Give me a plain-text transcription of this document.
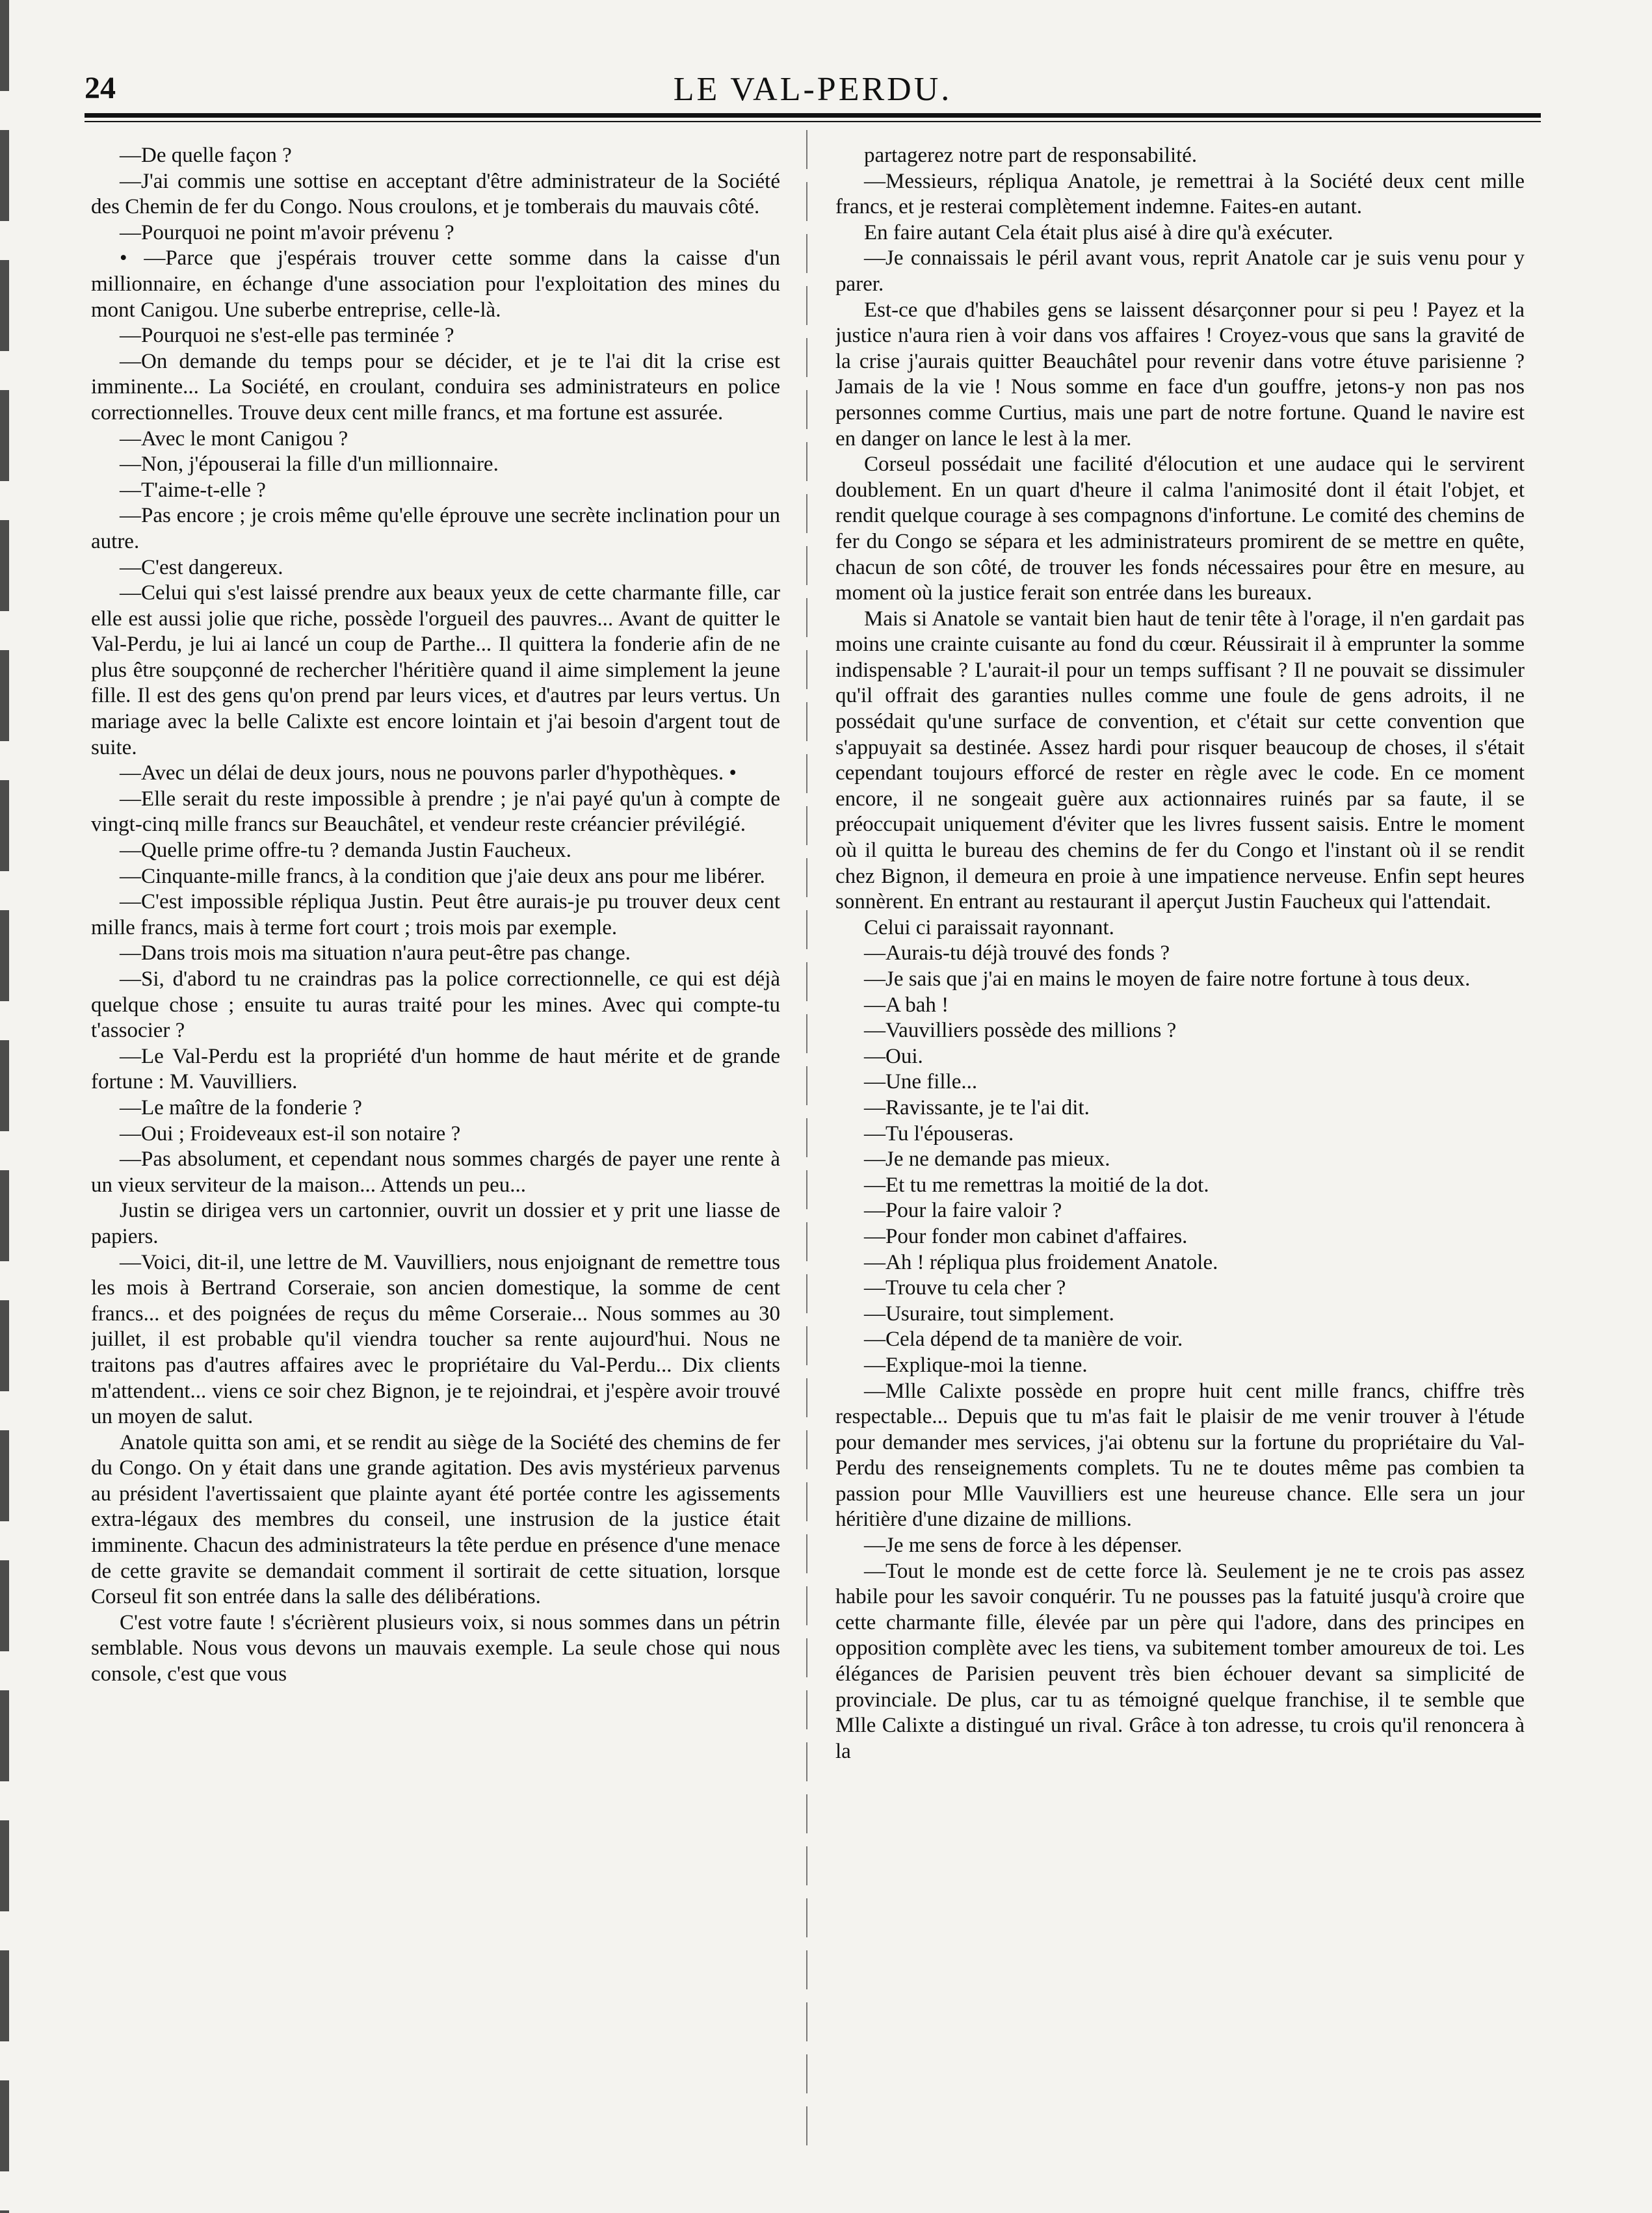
24	LE VAL-PERDU.

—De quelle façon ?

—J'ai commis une sottise en acceptant d'être administrateur de la Société des Chemin de fer du Congo. Nous croulons, et je tomberais du mauvais côté.

—Pourquoi ne point m'avoir prévenu ?

• —Parce que j'espérais trouver cette somme dans la caisse d'un millionnaire, en échange d'une association pour l'exploitation des mines du mont Canigou. Une suberbe entreprise, celle-là.

—Pourquoi ne s'est-elle pas terminée ?

—On demande du temps pour se décider, et je te l'ai dit la crise est imminente... La Société, en croulant, conduira ses administrateurs en police correctionnelles. Trouve deux cent mille francs, et ma fortune est assurée.

—Avec le mont Canigou ?

—Non, j'épouserai la fille d'un millionnaire.

—T'aime-t-elle ?

—Pas encore ; je crois même qu'elle éprouve une secrète inclination pour un autre.

—C'est dangereux.

—Celui qui s'est laissé prendre aux beaux yeux de cette charmante fille, car elle est aussi jolie que riche, possède l'orgueil des pauvres... Avant de quitter le Val-Perdu, je lui ai lancé un coup de Parthe... Il quittera la fonderie afin de ne plus être soupçonné de rechercher l'héritière quand il aime simplement la jeune fille. Il est des gens qu'on prend par leurs vices, et d'autres par leurs vertus. Un mariage avec la belle Calixte est encore lointain et j'ai besoin d'argent tout de suite.

—Avec un délai de deux jours, nous ne pouvons parler d'hypothèques. •

—Elle serait du reste impossible à prendre ; je n'ai payé qu'un à compte de vingt-cinq mille francs sur Beauchâtel, et vendeur reste créancier prévilégié.

—Quelle prime offre-tu ? demanda Justin Faucheux.

—Cinquante-mille francs, à la condition que j'aie deux ans pour me libérer.

—C'est impossible répliqua Justin. Peut être aurais-je pu trouver deux cent mille francs, mais à terme fort court ; trois mois par exemple.

—Dans trois mois ma situation n'aura peut-être pas change.

—Si, d'abord tu ne craindras pas la police correctionnelle, ce qui est déjà quelque chose ; ensuite tu auras traité pour les mines. Avec qui compte-tu t'associer ?

—Le Val-Perdu est la propriété d'un homme de haut mérite et de grande fortune : M. Vauvilliers.

—Le maître de la fonderie ?

—Oui ; Froideveaux est-il son notaire ?

—Pas absolument, et cependant nous sommes chargés de payer une rente à un vieux serviteur de la maison... Attends un peu...

Justin se dirigea vers un cartonnier, ouvrit un dossier et y prit une liasse de papiers.

—Voici, dit-il, une lettre de M. Vauvilliers, nous enjoignant de remettre tous les mois à Bertrand Corseraie, son ancien domestique, la somme de cent francs... et des poignées de reçus du même Corseraie... Nous sommes au 30 juillet, il est probable qu'il viendra toucher sa rente aujourd'hui. Nous ne traitons pas d'autres affaires avec le propriétaire du Val-Perdu... Dix clients m'attendent... viens ce soir chez Bignon, je te rejoindrai, et j'espère avoir trouvé un moyen de salut.

Anatole quitta son ami, et se rendit au siège de la Société des chemins de fer du Congo. On y était dans une grande agitation. Des avis mystérieux parvenus au président l'avertissaient que plainte ayant été portée contre les agissements extra-légaux des membres du conseil, une instrusion de la justice était imminente. Chacun des administrateurs la tête perdue en présence d'une menace de cette gravite se demandait comment il sortirait de cette situation, lorsque Corseul fit son entrée dans la salle des délibérations.

C'est votre faute ! s'écrièrent plusieurs voix, si nous sommes dans un pétrin semblable. Nous vous devons un mauvais exemple. La seule chose qui nous console, c'est que vous

partagerez notre part de responsabilité.

—Messieurs, répliqua Anatole, je remettrai à la Société deux cent mille francs, et je resterai complètement indemne. Faites-en autant.

En faire autant Cela était plus aisé à dire qu'à exécuter.

—Je connaissais le péril avant vous, reprit Anatole car je suis venu pour y parer.

Est-ce que d'habiles gens se laissent désarçonner pour si peu ! Payez et la justice n'aura rien à voir dans vos affaires ! Croyez-vous que sans la gravité de la crise j'aurais quitter Beauchâtel pour revenir dans votre étuve parisienne ? Jamais de la vie ! Nous somme en face d'un gouffre, jetons-y non pas nos personnes comme Curtius, mais une part de notre fortune. Quand le navire est en danger on lance le lest à la mer.

Corseul possédait une facilité d'élocution et une audace qui le servirent doublement. En un quart d'heure il calma l'animosité dont il était l'objet, et rendit quelque courage à ses compagnons d'infortune. Le comité des chemins de fer du Congo se sépara et les administrateurs promirent de se mettre en quête, chacun de son côté, de trouver les fonds nécessaires pour être en mesure, au moment où la justice ferait son entrée dans les bureaux.

Mais si Anatole se vantait bien haut de tenir tête à l'orage, il n'en gardait pas moins une crainte cuisante au fond du cœur. Réussirait il à emprunter la somme indispensable ? L'aurait-il pour un temps suffisant ? Il ne pouvait se dissimuler qu'il offrait des garanties nulles comme une foule de gens adroits, il ne possédait qu'une surface de convention, et c'était sur cette convention que s'appuyait sa destinée. Assez hardi pour risquer beaucoup de choses, il s'était cependant toujours efforcé de rester en règle avec le code. En ce moment encore, il ne songeait guère aux actionnaires ruinés par sa faute, il se préoccupait uniquement d'éviter que les livres fussent saisis. Entre le moment où il quitta le bureau des chemins de fer du Congo et l'instant où il se rendit chez Bignon, il demeura en proie à une impatience nerveuse. Enfin sept heures sonnèrent. En entrant au restaurant il aperçut Justin Faucheux qui l'attendait.

Celui ci paraissait rayonnant.

—Aurais-tu déjà trouvé des fonds ?

—Je sais que j'ai en mains le moyen de faire notre fortune à tous deux.

—A bah !

—Vauvilliers possède des millions ?

—Oui.

—Une fille...

—Ravissante, je te l'ai dit.

—Tu l'épouseras.

—Je ne demande pas mieux.

—Et tu me remettras la moitié de la dot.

—Pour la faire valoir ?

—Pour fonder mon cabinet d'affaires.

—Ah ! répliqua plus froidement Anatole.

—Trouve tu cela cher ?

—Usuraire, tout simplement.

—Cela dépend de ta manière de voir.

—Explique-moi la tienne.

—Mlle Calixte possède en propre huit cent mille francs, chiffre très respectable... Depuis que tu m'as fait le plaisir de me venir trouver à l'étude pour demander mes services, j'ai obtenu sur la fortune du propriétaire du Val-Perdu des renseignements complets. Tu ne te doutes même pas combien ta passion pour Mlle Vauvilliers est une heureuse chance. Elle sera un jour héritière d'une dizaine de millions.

—Je me sens de force à les dépenser.

—Tout le monde est de cette force là. Seulement je ne te crois pas assez habile pour les savoir conquérir. Tu ne pousses pas la fatuité jusqu'à croire que cette charmante fille, élevée par un père qui l'adore, dans des principes en opposition complète avec les tiens, va subitement tomber amoureux de toi. Les élégances de Parisien peuvent très bien échouer devant sa simplicité de provinciale. De plus, car tu as témoigné quelque franchise, il te semble que Mlle Calixte a distingué un rival. Grâce à ton adresse, tu crois qu'il renoncera à la
